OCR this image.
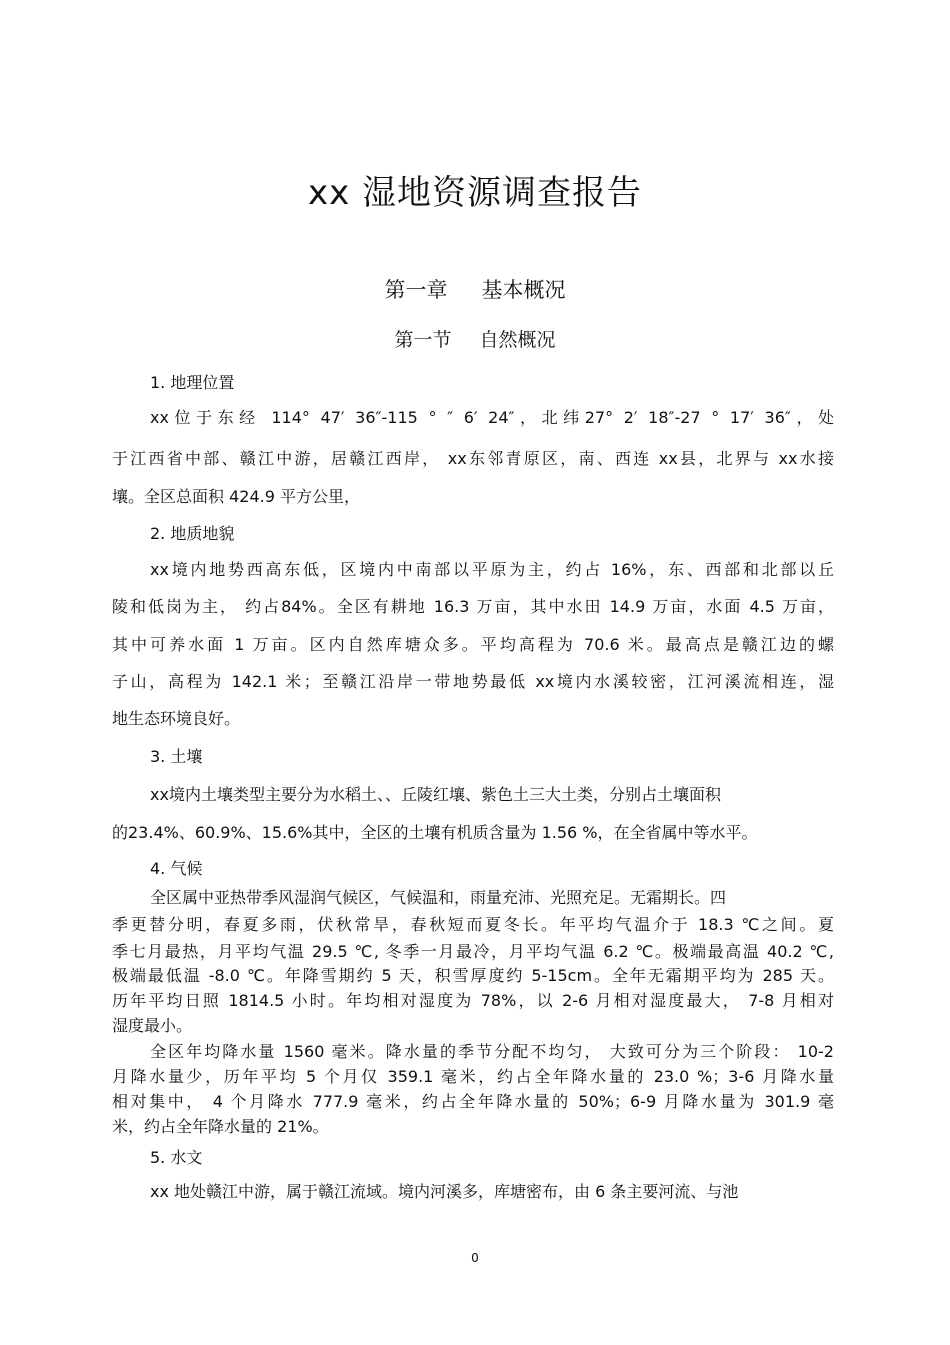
xx 湿地资源调查报告
第一章 基本概况
第一节 自然概况
1. 地理位置
xx位于东经 114° 47′ 36″-115 ° ″ 6′ 24″，北纬27° 2′ 18″-27 ° 17′ 36″，处
于江西省中部、赣江中游，居赣江西岸， xx东邻青原区，南、西连 xx县，北界与 xx水接
壤。全区总面积 424.9 平方公里，
2. 地质地貌
xx境内地势西高东低，区境内中南部以平原为主，约占 16%，东、西部和北部以丘
陵和低岗为主， 约占84%。全区有耕地 16.3 万亩，其中水田 14.9 万亩，水面 4.5 万亩，
其中可养水面 1 万亩。区内自然库塘众多。平均高程为 70.6 米。最高点是赣江边的螺
子山，高程为 142.1 米；至赣江沿岸一带地势最低 xx境内水溪较密，江河溪流相连，湿
地生态环境良好。
3. 土壤
xx境内土壤类型主要分为水稻土、、丘陵红壤、紫色土三大土类，分别占土壤面积
的23.4%、60.9%、15.6%其中，全区的土壤有机质含量为 1.56 %，在全省属中等水平。
4. 气候
全区属中亚热带季风湿润气候区，气候温和，雨量充沛、光照充足。无霜期长。四
季更替分明，春夏多雨，伏秋常旱，春秋短而夏冬长。年平均气温介于 18.3 ℃之间。夏
季七月最热，月平均气温 29.5 ℃, 冬季一月最冷，月平均气温 6.2 ℃。极端最高温 40.2 ℃,
极端最低温 -8.0 ℃。年降雪期约 5 天，积雪厚度约 5-15cm。全年无霜期平均为 285 天。
历年平均日照 1814.5 小时。年均相对湿度为 78%，以 2-6 月相对湿度最大， 7-8 月相对
湿度最小。
全区年均降水量 1560 毫米。降水量的季节分配不均匀， 大致可分为三个阶段： 10-2
月降水量少，历年平均 5 个月仅 359.1 毫米，约占全年降水量的 23.0 %；3-6 月降水量
相对集中， 4 个月降水 777.9 毫米，约占全年降水量的 50%；6-9 月降水量为 301.9 毫
米，约占全年降水量的 21%。
5. 水文
xx 地处赣江中游，属于赣江流域。境内河溪多，库塘密布，由 6 条主要河流、与池
0
